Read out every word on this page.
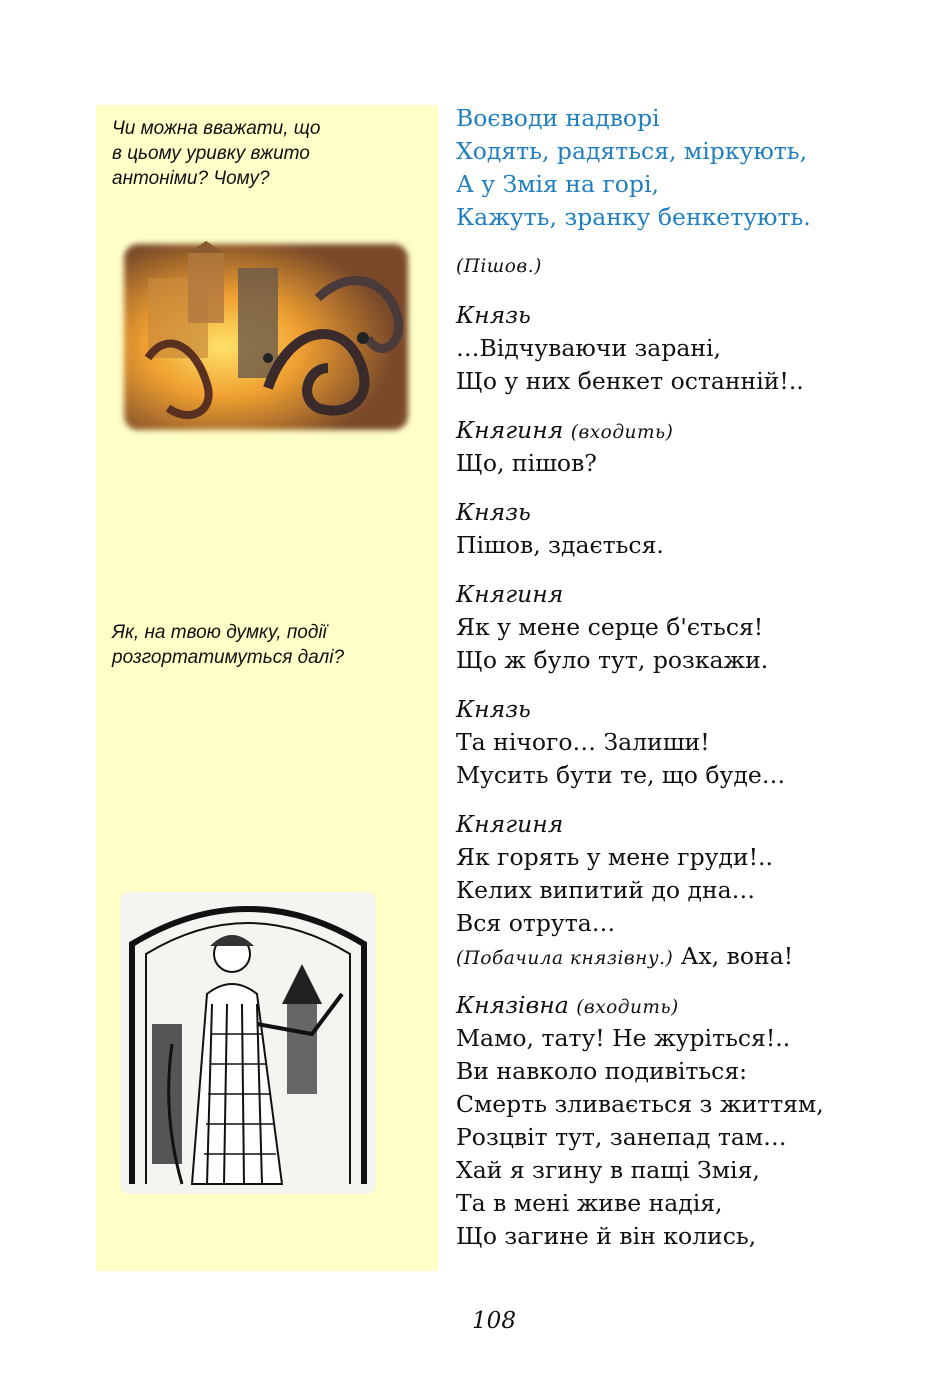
Чи можна вважати, що
в цьому уривку вжито
антоніми? Чому?
Як, на твою думку, події
розгортатимуться далі?
Воєводи надворі
Ходять, радяться, міркують,
А у Змія на горі,
Кажуть, зранку бенкетують.
(Пішов.)
Князь
…Відчуваючи зарані,
Що у них бенкет останній!..
Княгиня (входить)
Що, пішов?
Князь
Пішов, здається.
Княгиня
Як у мене серце б'ється!
Що ж було тут, розкажи.
Князь
Та нічого… Залиши!
Мусить бути те, що буде…
Княгиня
Як горять у мене груди!..
Келих випитий до дна…
Вся отрута…
(Побачила князівну.) Ах, вона!
Князівна (входить)
Мамо, тату! Не журіться!..
Ви навколо подивіться:
Смерть зливається з життям,
Розцвіт тут, занепад там…
Хай я згину в пащі Змія,
Та в мені живе надія,
Що загине й він колись,
108
